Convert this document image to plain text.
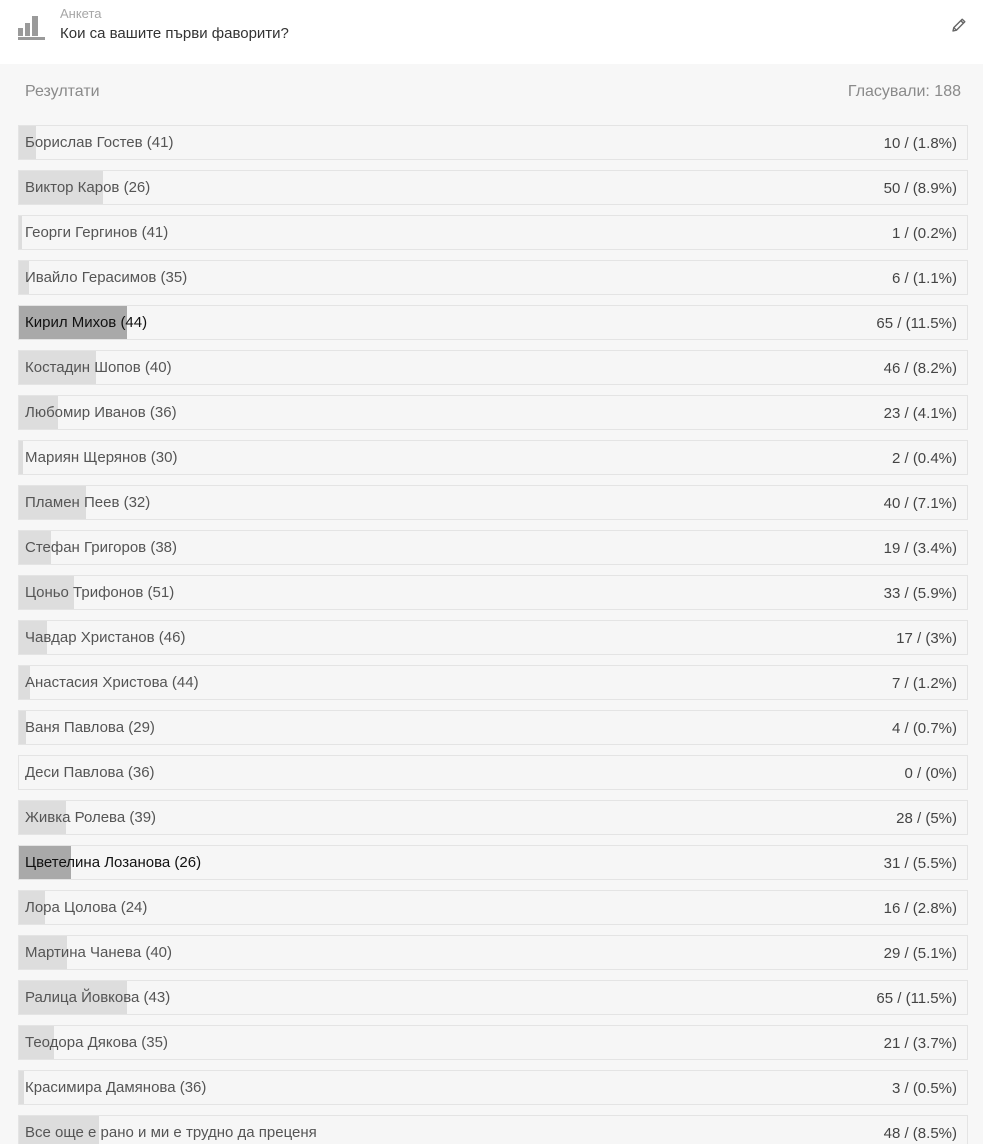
Анкета
Кои са вашите първи фаворити?
Резултати	Гласували: 188
Борислав Гостев (41)	10 / (1.8%)
Виктор Каров (26)	50 / (8.9%)
Георги Гергинов (41)	1 / (0.2%)
Ивайло Герасимов (35)	6 / (1.1%)
Кирил Михов (44)	65 / (11.5%)
Костадин Шопов (40)	46 / (8.2%)
Любомир Иванов (36)	23 / (4.1%)
Мариян Щерянов (30)	2 / (0.4%)
Пламен Пеев (32)	40 / (7.1%)
Стефан Григоров (38)	19 / (3.4%)
Цоньо Трифонов (51)	33 / (5.9%)
Чавдар Христанов (46)	17 / (3%)
Анастасия Христова (44)	7 / (1.2%)
Ваня Павлова (29)	4 / (0.7%)
Деси Павлова (36)	0 / (0%)
Живка Ролева (39)	28 / (5%)
Цветелина Лозанова (26)	31 / (5.5%)
Лора Цолова (24)	16 / (2.8%)
Мартина Чанева (40)	29 / (5.1%)
Ралица Йовкова (43)	65 / (11.5%)
Теодора Дякова (35)	21 / (3.7%)
Красимира Дамянова (36)	3 / (0.5%)
Все още е рано и ми е трудно да преценя	48 / (8.5%)
